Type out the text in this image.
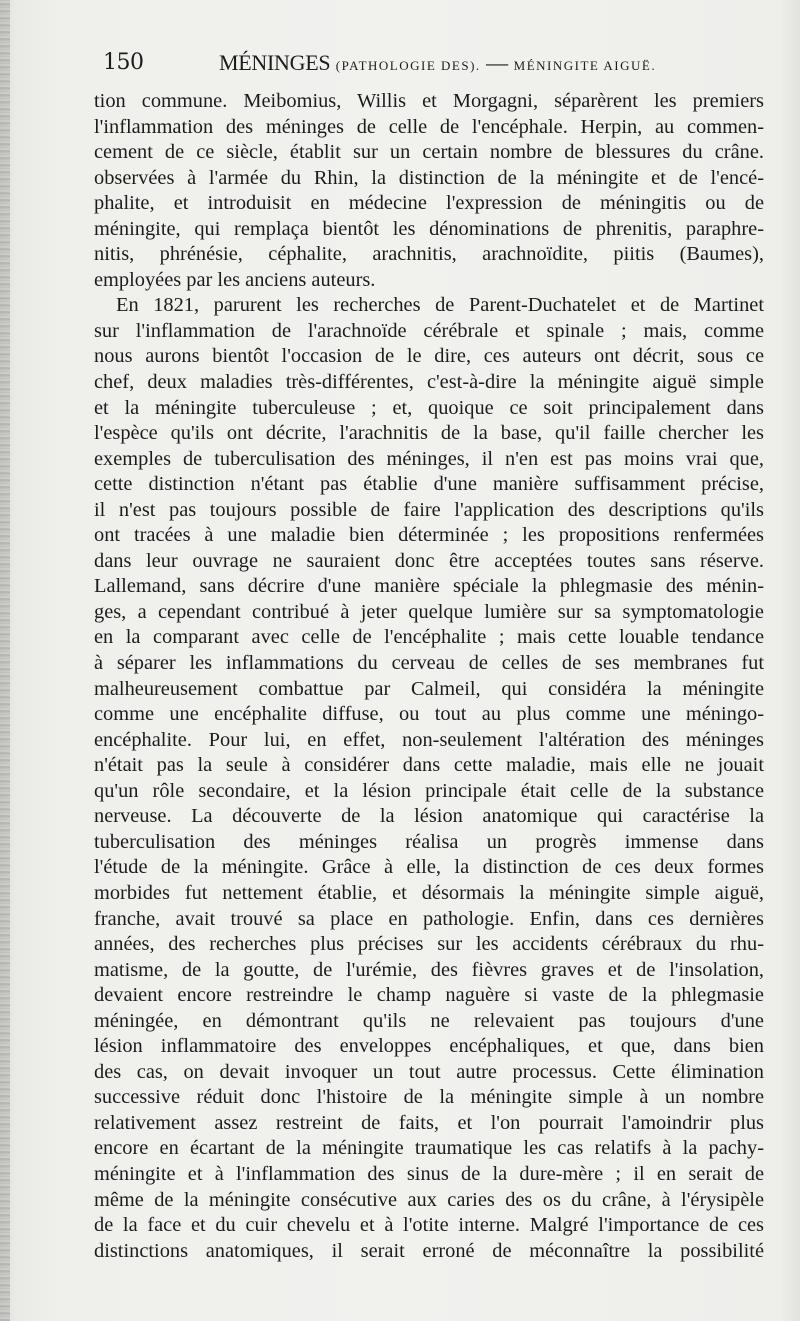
150	MÉNINGES (PATHOLOGIE DES). — MÉNINGITE AIGUË.
tion commune. Meibomius, Willis et Morgagni, séparèrent les premiers
l'inflammation des méninges de celle de l'encéphale. Herpin, au commen-
cement de ce siècle, établit sur un certain nombre de blessures du crâne.
observées à l'armée du Rhin, la distinction de la méningite et de l'encé-
phalite, et introduisit en médecine l'expression de méningitis ou de
méningite, qui remplaça bientôt les dénominations de phrenitis, paraphre-
nitis, phrénésie, céphalite, arachnitis, arachnoïdite, piitis (Baumes),
employées par les anciens auteurs.
En 1821, parurent les recherches de Parent-Duchatelet et de Martinet
sur l'inflammation de l'arachnoïde cérébrale et spinale ; mais, comme
nous aurons bientôt l'occasion de le dire, ces auteurs ont décrit, sous ce
chef, deux maladies très-différentes, c'est-à-dire la méningite aiguë simple
et la méningite tuberculeuse ; et, quoique ce soit principalement dans
l'espèce qu'ils ont décrite, l'arachnitis de la base, qu'il faille chercher les
exemples de tuberculisation des méninges, il n'en est pas moins vrai que,
cette distinction n'étant pas établie d'une manière suffisamment précise,
il n'est pas toujours possible de faire l'application des descriptions qu'ils
ont tracées à une maladie bien déterminée ; les propositions renfermées
dans leur ouvrage ne sauraient donc être acceptées toutes sans réserve.
Lallemand, sans décrire d'une manière spéciale la phlegmasie des ménin-
ges, a cependant contribué à jeter quelque lumière sur sa symptomatologie
en la comparant avec celle de l'encéphalite ; mais cette louable tendance
à séparer les inflammations du cerveau de celles de ses membranes fut
malheureusement combattue par Calmeil, qui considéra la méningite
comme une encéphalite diffuse, ou tout au plus comme une méningo-
encéphalite. Pour lui, en effet, non-seulement l'altération des méninges
n'était pas la seule à considérer dans cette maladie, mais elle ne jouait
qu'un rôle secondaire, et la lésion principale était celle de la substance
nerveuse. La découverte de la lésion anatomique qui caractérise la
tuberculisation des méninges réalisa un progrès immense dans
l'étude de la méningite. Grâce à elle, la distinction de ces deux formes
morbides fut nettement établie, et désormais la méningite simple aiguë,
franche, avait trouvé sa place en pathologie. Enfin, dans ces dernières
années, des recherches plus précises sur les accidents cérébraux du rhu-
matisme, de la goutte, de l'urémie, des fièvres graves et de l'insolation,
devaient encore restreindre le champ naguère si vaste de la phlegmasie
méningée, en démontrant qu'ils ne relevaient pas toujours d'une
lésion inflammatoire des enveloppes encéphaliques, et que, dans bien
des cas, on devait invoquer un tout autre processus. Cette élimination
successive réduit donc l'histoire de la méningite simple à un nombre
relativement assez restreint de faits, et l'on pourrait l'amoindrir plus
encore en écartant de la méningite traumatique les cas relatifs à la pachy-
méningite et à l'inflammation des sinus de la dure-mère ; il en serait de
même de la méningite consécutive aux caries des os du crâne, à l'érysipèle
de la face et du cuir chevelu et à l'otite interne. Malgré l'importance de ces
distinctions anatomiques, il serait erroné de méconnaître la possibilité
